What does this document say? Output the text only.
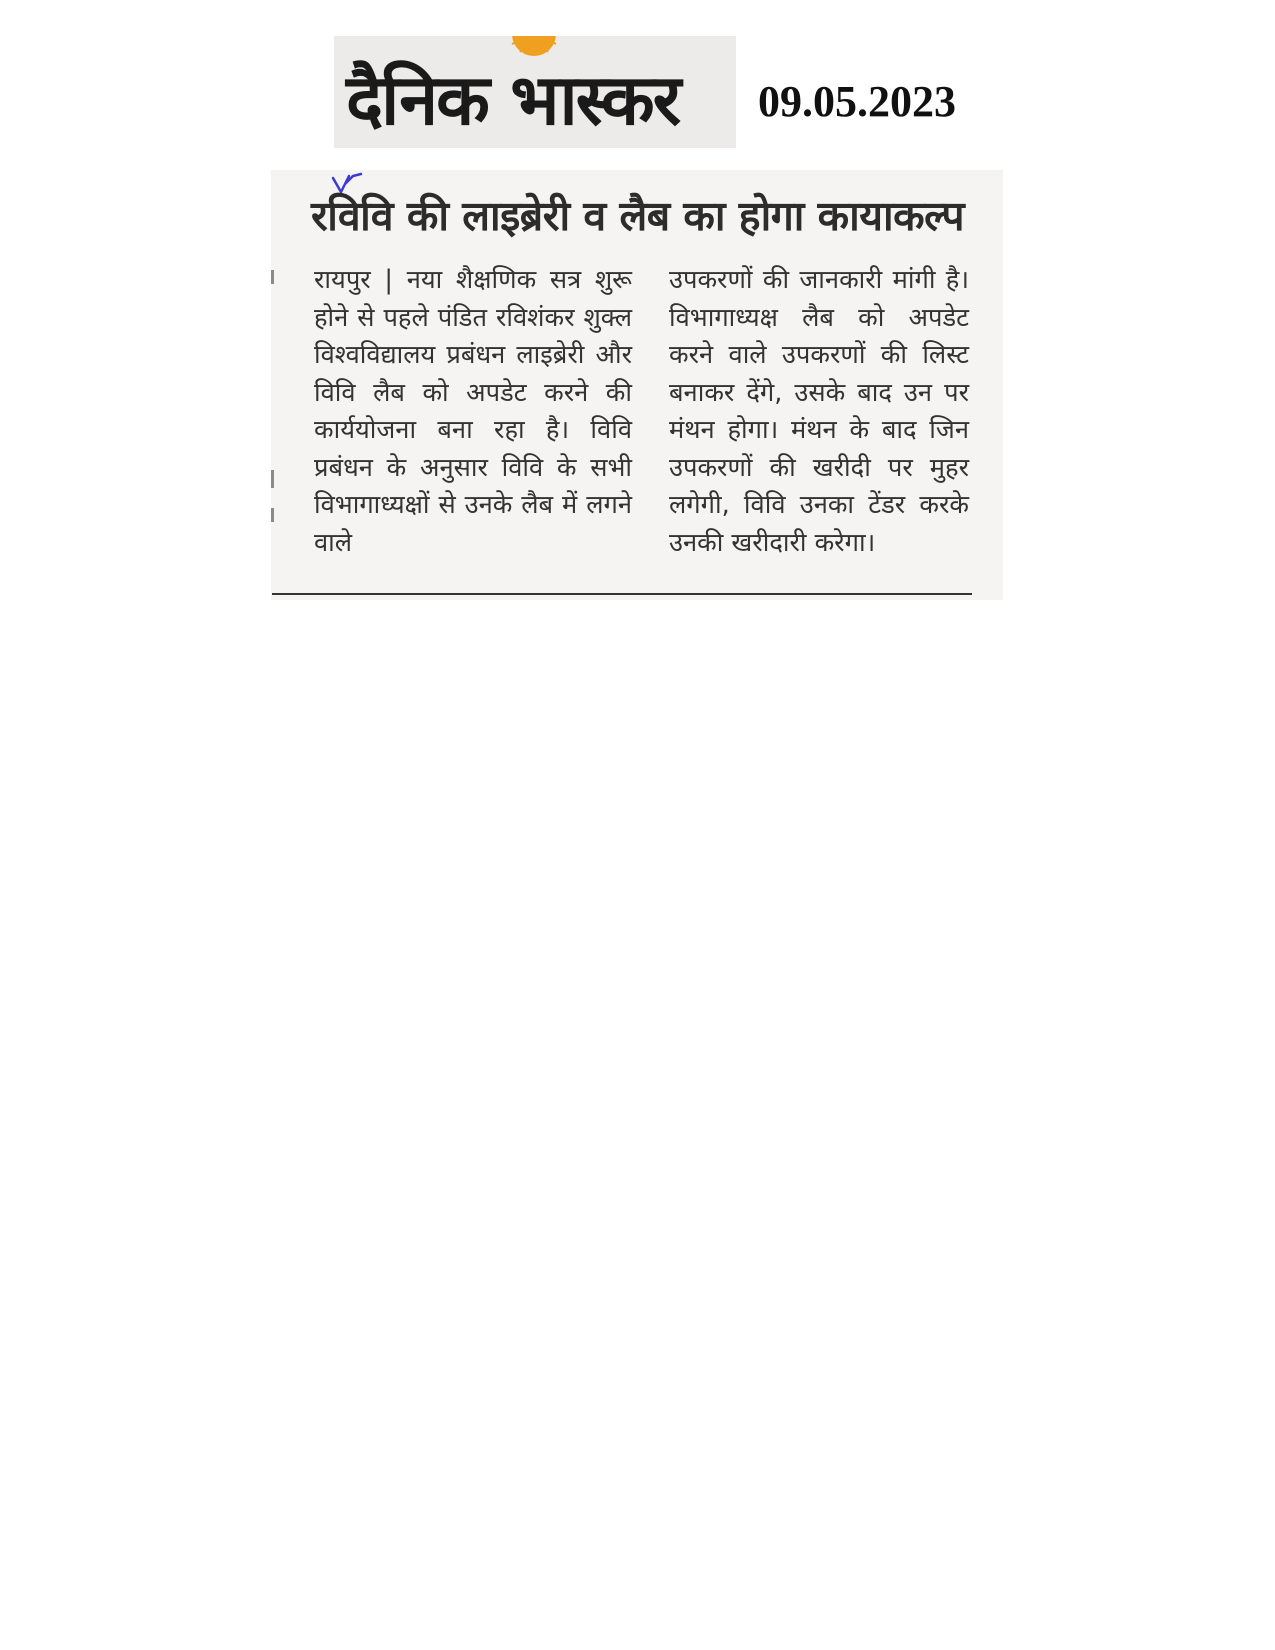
दैनिक भास्कर 09.05.2023
रविवि की लाइब्रेरी व लैब का होगा कायाकल्प

रायपुर | नया शैक्षणिक सत्र शुरू होने से पहले पंडित रविशंकर शुक्ल विश्वविद्यालय प्रबंधन लाइब्रेरी और विवि लैब को अपडेट करने की कार्ययोजना बना रहा है। विवि प्रबंधन के अनुसार विवि के सभी विभागाध्यक्षों से उनके लैब में लगने वाले

उपकरणों की जानकारी मांगी है। विभागाध्यक्ष लैब को अपडेट करने वाले उपकरणों की लिस्ट बनाकर देंगे, उसके बाद उन पर मंथन होगा। मंथन के बाद जिन उपकरणों की खरीदी पर मुहर लगेगी, विवि उनका टेंडर करके उनकी खरीदारी करेगा।
